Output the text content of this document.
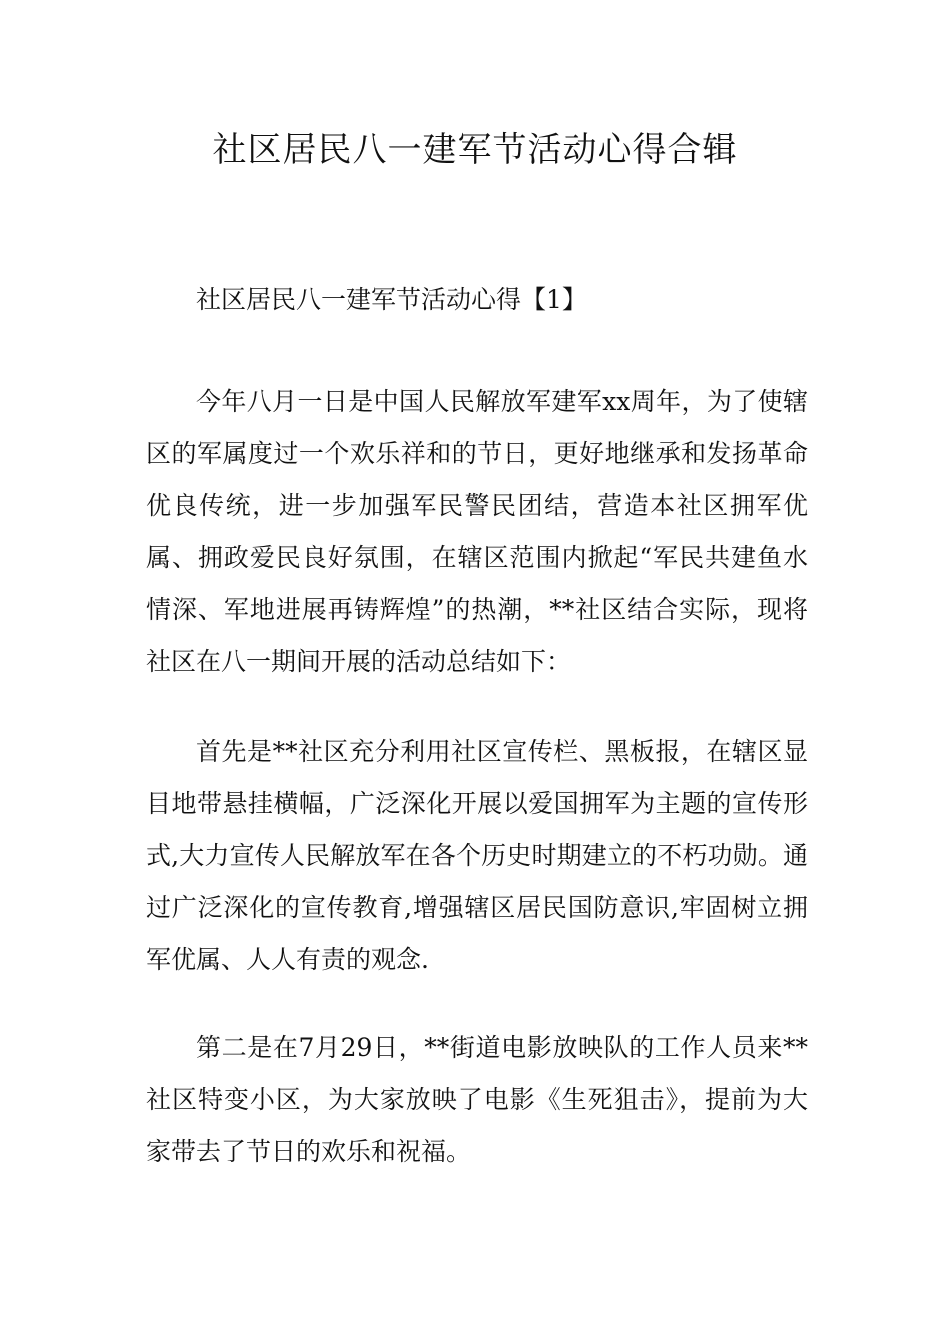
社区居民八一建军节活动心得合辑

社区居民八一建军节活动心得【1】

今年八月一日是中国人民解放军建军xx周年，为了使辖区的军属度过一个欢乐祥和的节日，更好地继承和发扬革命优良传统，进一步加强军民警民团结，营造本社区拥军优属、拥政爱民良好氛围，在辖区范围内掀起“军民共建鱼水情深、军地进展再铸辉煌”的热潮，**社区结合实际，现将社区在八一期间开展的活动总结如下：

首先是**社区充分利用社区宣传栏、黑板报，在辖区显目地带悬挂横幅，广泛深化开展以爱国拥军为主题的宣传形式,大力宣传人民解放军在各个历史时期建立的不朽功勋。通过广泛深化的宣传教育,增强辖区居民国防意识,牢固树立拥军优属、人人有责的观念.

第二是在7月29日，**街道电影放映队的工作人员来**社区特变小区，为大家放映了电影《生死狙击》，提前为大家带去了节日的欢乐和祝福。
